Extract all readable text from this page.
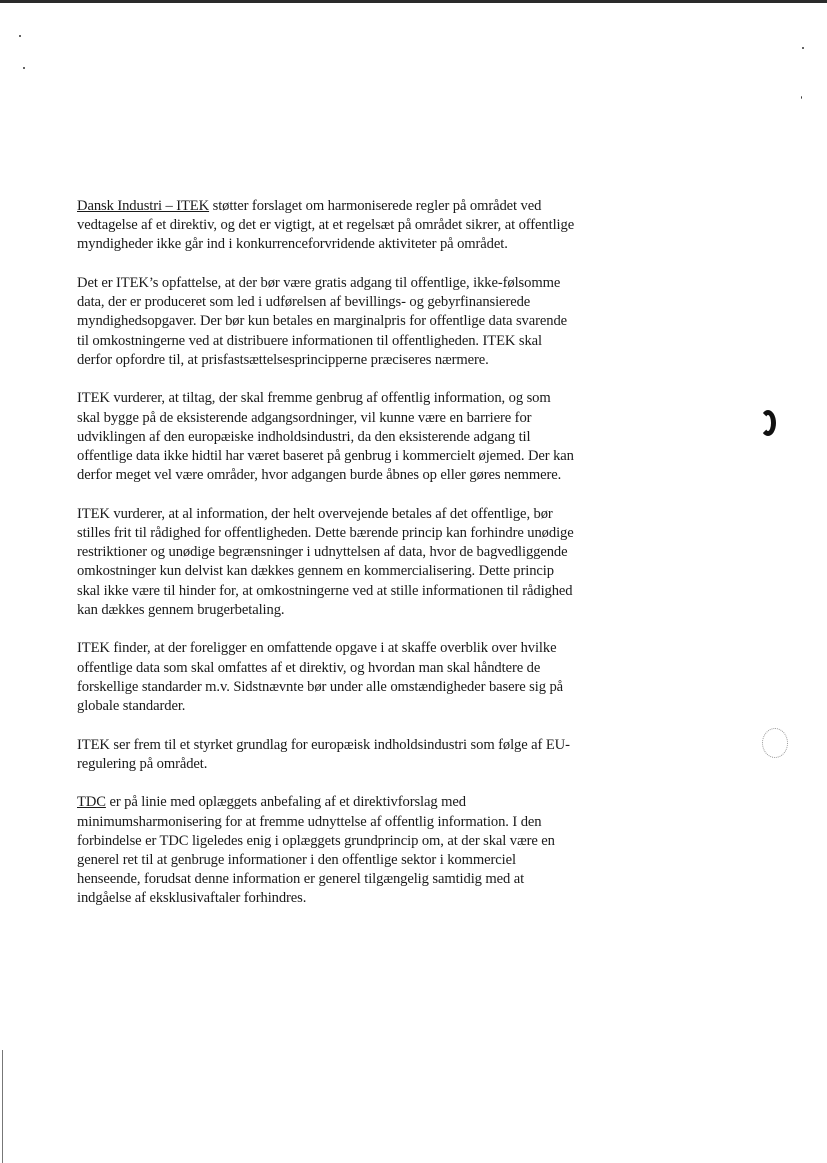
Dansk Industri – ITEK støtter forslaget om harmoniserede regler på området ved vedtagelse af et direktiv, og det er vigtigt, at et regelsæt på området sikrer, at offentlige myndigheder ikke går ind i konkurrenceforvridende aktiviteter på området.

Det er ITEK’s opfattelse, at der bør være gratis adgang til offentlige, ikke-følsomme data, der er produceret som led i udførelsen af bevillings- og gebyrfinansierede myndighedsopgaver. Der bør kun betales en marginalpris for offentlige data svarende til omkostningerne ved at distribuere informationen til offentligheden. ITEK skal derfor opfordre til, at prisfastsættelsesprincipperne præciseres nærmere.

ITEK vurderer, at tiltag, der skal fremme genbrug af offentlig information, og som skal bygge på de eksisterende adgangsordninger, vil kunne være en barriere for udviklingen af den europæiske indholdsindustri, da den eksisterende adgang til offentlige data ikke hidtil har været baseret på genbrug i kommercielt øjemed. Der kan derfor meget vel være områder, hvor adgangen burde åbnes op eller gøres nemmere.

ITEK vurderer, at al information, der helt overvejende betales af det offentlige, bør stilles frit til rådighed for offentligheden. Dette bærende princip kan forhindre unødige restriktioner og unødige begrænsninger i udnyttelsen af data, hvor de bagvedliggende omkostninger kun delvist kan dækkes gennem en kommercialisering. Dette princip skal ikke være til hinder for, at omkostningerne ved at stille informationen til rådighed kan dækkes gennem brugerbetaling.

ITEK finder, at der foreligger en omfattende opgave i at skaffe overblik over hvilke offentlige data som skal omfattes af et direktiv, og hvordan man skal håndtere de forskellige standarder m.v. Sidstnævnte bør under alle omstændigheder basere sig på globale standarder.

ITEK ser frem til et styrket grundlag for europæisk indholdsindustri som følge af EU-regulering på området.

TDC er på linie med oplæggets anbefaling af et direktivforslag med minimumsharmonisering for at fremme udnyttelse af offentlig information. I den forbindelse er TDC ligeledes enig i oplæggets grundprincip om, at der skal være en generel ret til at genbruge informationer i den offentlige sektor i kommerciel henseende, forudsat denne information er generel tilgængelig samtidig med at indgåelse af eksklusivaftaler forhindres.
